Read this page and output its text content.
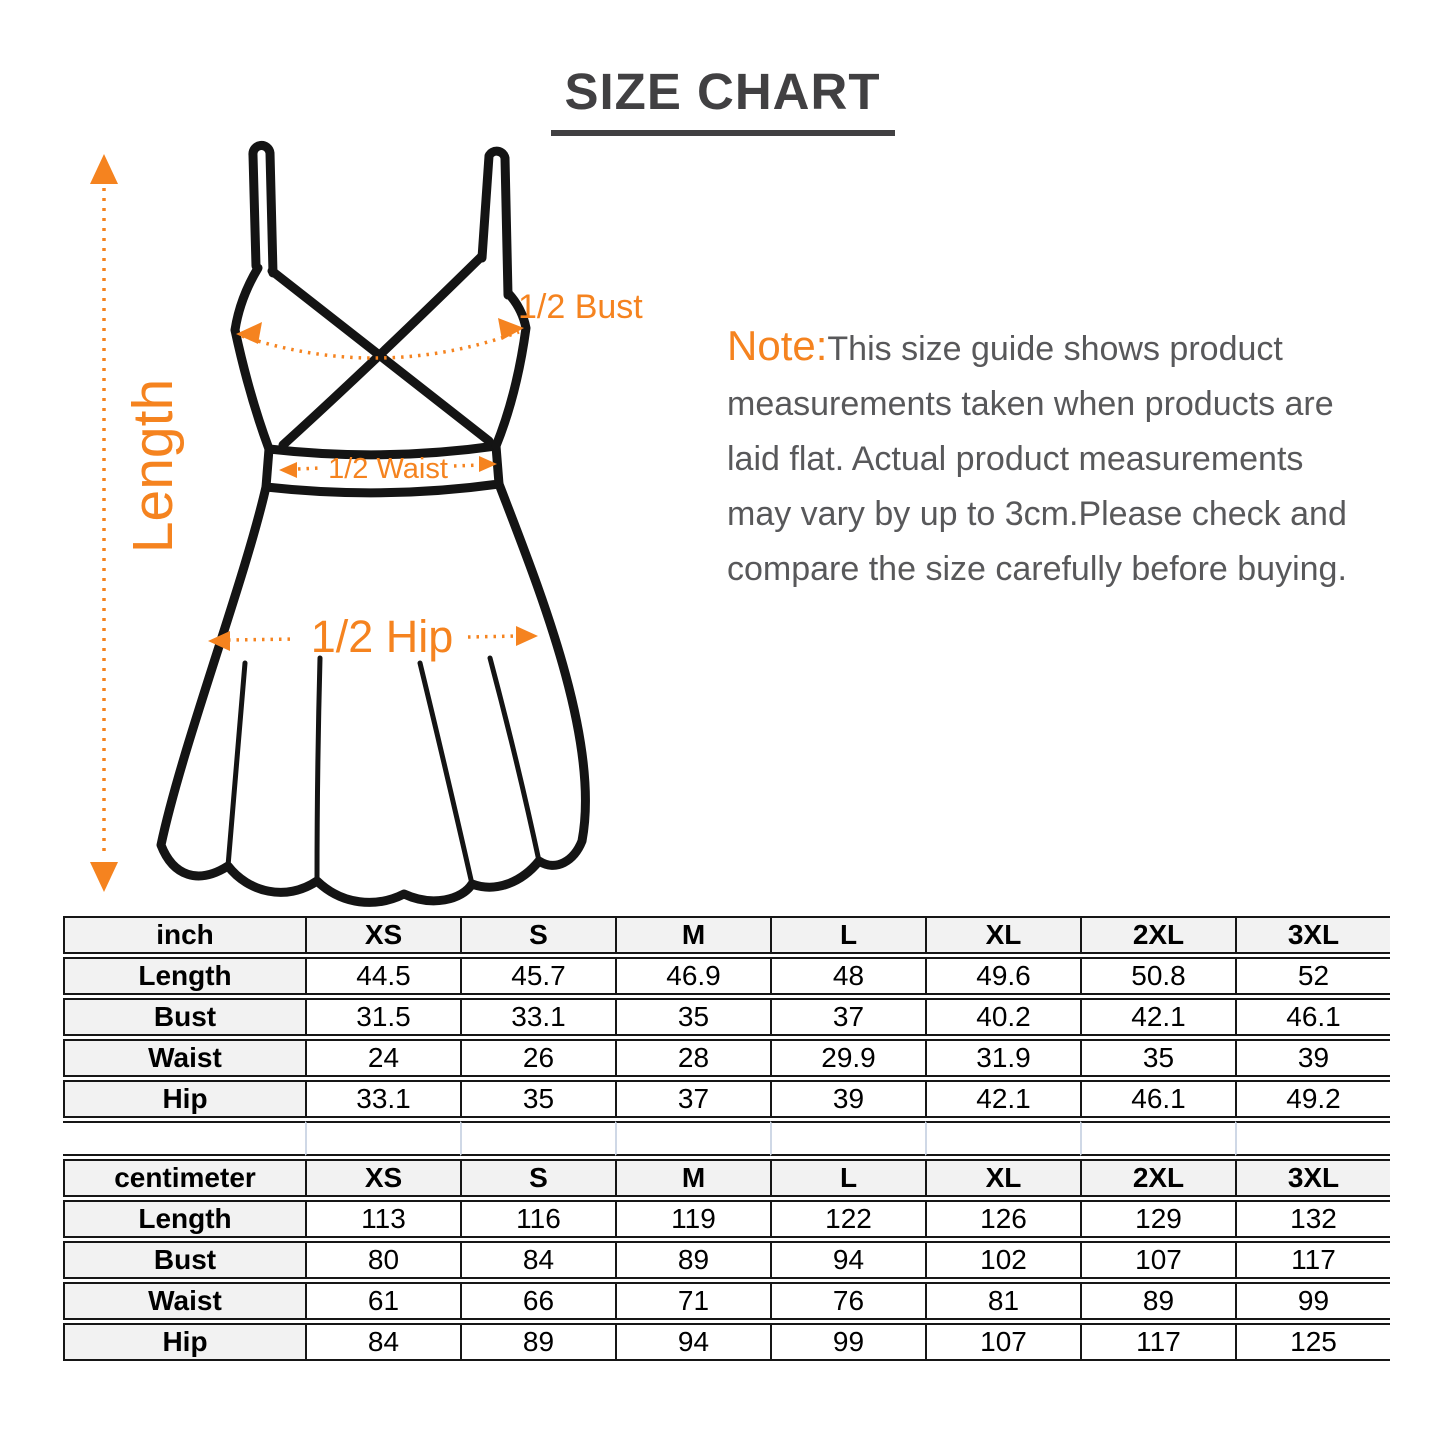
SIZE CHART
Length
1/2 Bust
1/2 Waist
1/2 Hip
Note:This size guide shows product
measurements taken when products are
laid flat. Actual product measurements
may vary by up to 3cm.Please check and
compare the size carefully before buying.
inch	XS	S	M	L	XL	2XL	3XL
Length	44.5	45.7	46.9	48	49.6	50.8	52
Bust	31.5	33.1	35	37	40.2	42.1	46.1
Waist	24	26	28	29.9	31.9	35	39
Hip	33.1	35	37	39	42.1	46.1	49.2

centimeter	XS	S	M	L	XL	2XL	3XL
Length	113	116	119	122	126	129	132
Bust	80	84	89	94	102	107	117
Waist	61	66	71	76	81	89	99
Hip	84	89	94	99	107	117	125
